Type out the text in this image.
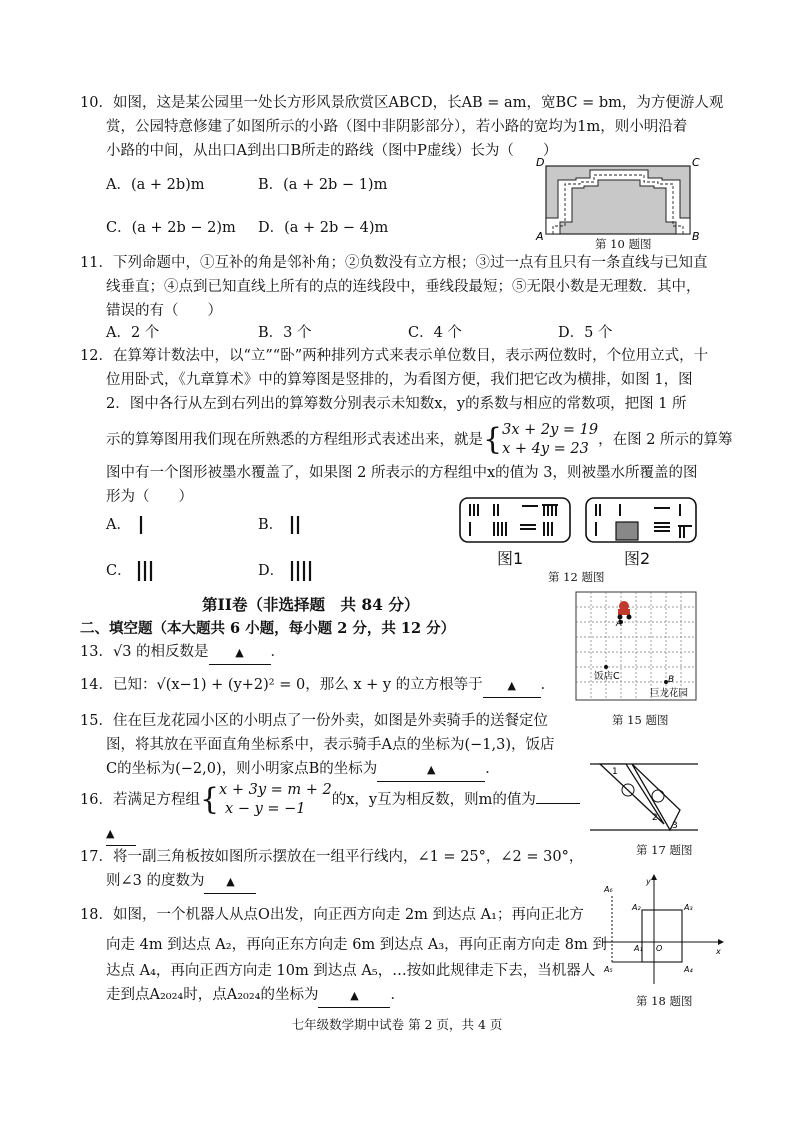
10．如图，这是某公园里一处长方形风景欣赏区ABCD，长AB = am，宽BC = bm，为方便游人观
赏，公园特意修建了如图所示的小路（图中非阴影部分），若小路的宽均为1m，则小明沿着
小路的中间，从出口A到出口B所走的路线（图中P虚线）长为（　　）
A．(a + 2b)m	B．(a + 2b − 1)m
C．(a + 2b − 2)m D．(a + 2b − 4)m
D	C
A	B
第 10 题图
11．下列命题中，①互补的角是邻补角；②负数没有立方根；③过一点有且只有一条直线与已知直
线垂直；④点到已知直线上所有的点的连线段中，垂线段最短；⑤无限小数是无理数．其中，
错误的有（　　）
A．2 个	B．3 个	C．4 个	D．5 个
12．在算筹计数法中，以“立”“卧”两种排列方式来表示单位数目，表示两位数时，个位用立式，十
位用卧式，《九章算术》中的算筹图是竖排的，为看图方便，我们把它改为横排，如图 1，图
2．图中各行从左到右列出的算筹数分别表示未知数x，y的系数与相应的常数项，把图 1 所
示的算筹图用我们现在所熟悉的方程组形式表述出来，就是{3x + 2y = 19
x + 4y = 23，在图 2 所示的算筹
图中有一个图形被墨水覆盖了，如果图 2 所表示的方程组中x的值为 3，则被墨水所覆盖的图
形为（　　）
A．	B．
C．	D．
图1	图2
第 12 题图
第II卷（非选择题　共 84 分）
二、填空题（本大题共 6 小题，每小题 2 分，共 12 分）
13．√3 的相反数是 ▲ ．
14．已知：√(x−1) + (y+2)² = 0，那么 x + y 的立方根等于 ▲ ．
A
饭店C	B
巨龙花园
第 15 题图
15．住在巨龙花园小区的小明点了一份外卖，如图是外卖骑手的送餐定位
图，将其放在平面直角坐标系中，表示骑手A点的坐标为(−1,3)，饭店
C的坐标为(−2,0)，则小明家点B的坐标为	▲	．
16．若满足方程组{x + 3y = m + 2
x − y = −1的x，y互为相反数，则m的值为
▲
1
2
3
第 17 题图
17．将一副三角板按如图所示摆放在一组平行线内，∠1 = 25°，∠2 = 30°，
则∠3 的度数为 ▲
x
y
O
A₁
A₂	A₃
A₄
A₅
A₆
第 18 题图
18．如图，一个机器人从点O出发，向正西方向走 2m 到达点 A₁；再向正北方
向走 4m 到达点 A₂，再向正东方向走 6m 到达点 A₃，再向正南方向走 8m 到
达点 A₄，再向正西方向走 10m 到达点 A₅，…按如此规律走下去，当机器人
走到点A₂₀₂₄时，点A₂₀₂₄的坐标为	▲ ．
七年级数学期中试卷 第 2 页，共 4 页
